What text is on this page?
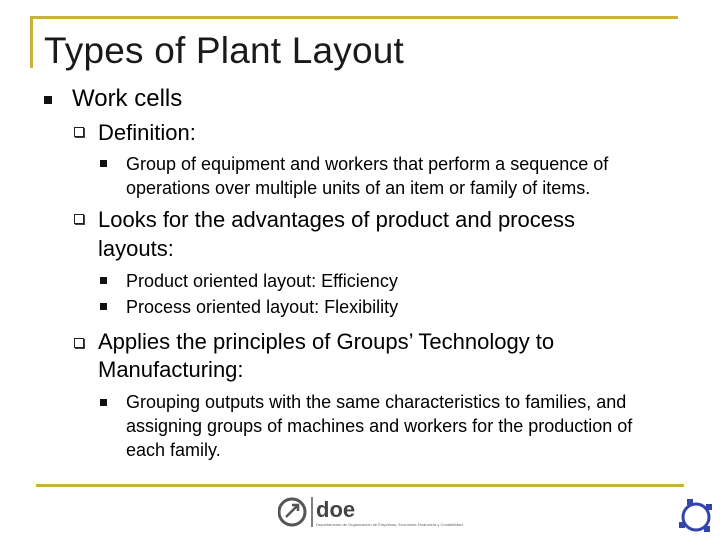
Types of Plant Layout
Work cells
Definition:
Group of equipment and workers that perform a sequence of
operations over multiple units of an item or family of items.
Looks for the advantages of product and process
layouts:
Product oriented layout: Efficiency
Process oriented layout: Flexibility
Applies the principles of Groups’ Technology to
Manufacturing:
Grouping outputs with the same characteristics to families, and
assigning groups of machines and workers for the production of
each family.
doe
Departamento de Organización de Empresas, Economía Financiera y Contabilidad
